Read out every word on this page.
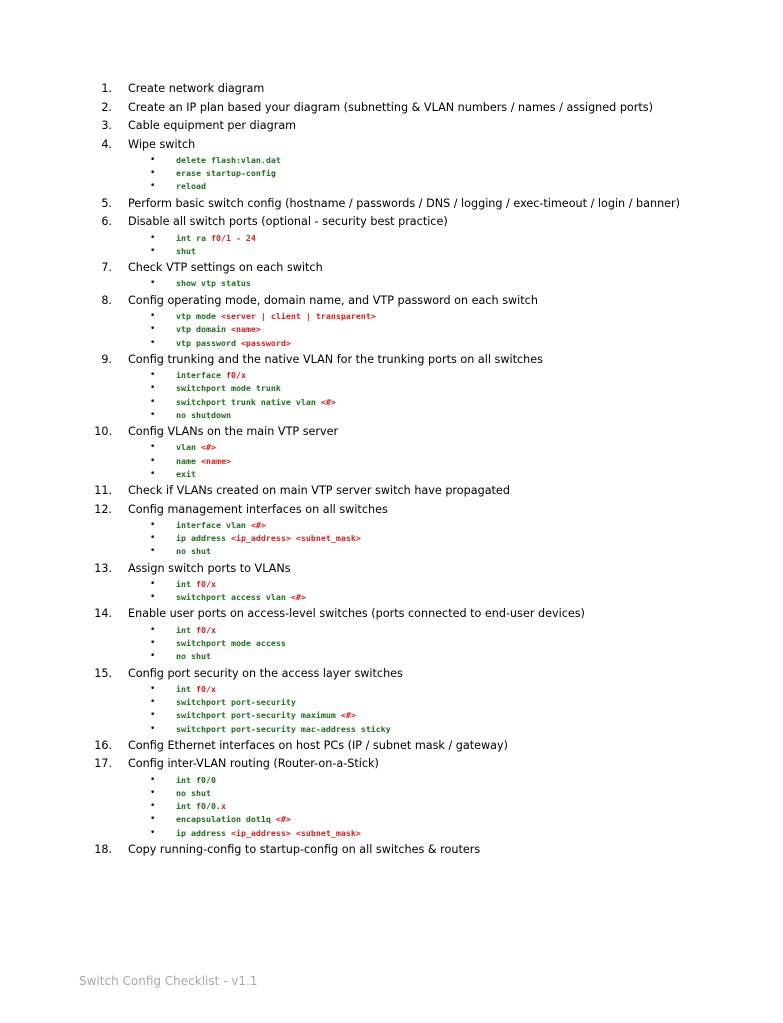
1. Create network diagram
2. Create an IP plan based your diagram (subnetting & VLAN numbers / names / assigned ports)
3. Cable equipment per diagram
4. Wipe switch
• delete flash:vlan.dat
• erase startup-config
• reload
5. Perform basic switch config (hostname / passwords / DNS / logging / exec-timeout / login / banner)
6. Disable all switch ports (optional - security best practice)
• int ra f0/1 - 24
• shut
7. Check VTP settings on each switch
• show vtp status
8. Config operating mode, domain name, and VTP password on each switch
• vtp mode <server | client | transparent>
• vtp domain <name>
• vtp password <password>
9. Config trunking and the native VLAN for the trunking ports on all switches
• interface f0/x
• switchport mode trunk
• switchport trunk native vlan <#>
• no shutdown
10. Config VLANs on the main VTP server
• vlan <#>
• name <name>
• exit
11. Check if VLANs created on main VTP server switch have propagated
12. Config management interfaces on all switches
• interface vlan <#>
• ip address <ip_address> <subnet_mask>
• no shut
13. Assign switch ports to VLANs
• int f0/x
• switchport access vlan <#>
14. Enable user ports on access-level switches (ports connected to end-user devices)
• int f0/x
• switchport mode access
• no shut
15. Config port security on the access layer switches
• int f0/x
• switchport port-security
• switchport port-security maximum <#>
• switchport port-security mac-address sticky
16. Config Ethernet interfaces on host PCs (IP / subnet mask / gateway)
17. Config inter-VLAN routing (Router-on-a-Stick)
• int f0/0
• no shut
• int f0/0.x
• encapsulation dot1q <#>
• ip address <ip_address> <subnet_mask>
18. Copy running-config to startup-config on all switches & routers
Switch Config Checklist - v1.1
